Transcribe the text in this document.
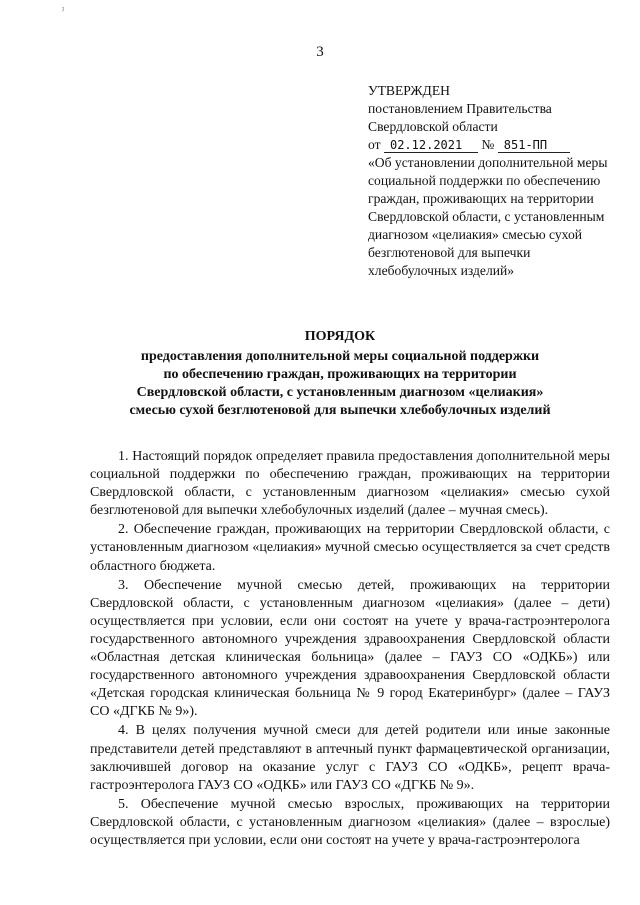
ˀ
3
УТВЕРЖДЕН
постановлением Правительства
Свердловской области
от 02.12.2021 № 851-ПП
«Об установлении дополнительной меры социальной поддержки по обеспечению граждан, проживающих на территории Свердловской области, с установленным диагнозом «целиакия» смесью сухой безглютеновой для выпечки хлебобулочных изделий»
ПОРЯДОК
предоставления дополнительной меры социальной поддержки
по обеспечению граждан, проживающих на территории
Свердловской области, с установленным диагнозом «целиакия»
смесью сухой безглютеновой для выпечки хлебобулочных изделий

1. Настоящий порядок определяет правила предоставления дополнительной меры социальной поддержки по обеспечению граждан, проживающих на территории Свердловской области, с установленным диагнозом «целиакия» смесью сухой безглютеновой для выпечки хлебобулочных изделий (далее – мучная смесь).

2. Обеспечение граждан, проживающих на территории Свердловской области, с установленным диагнозом «целиакия» мучной смесью осуществляется за счет средств областного бюджета.

3. Обеспечение мучной смесью детей, проживающих на территории Свердловской области, с установленным диагнозом «целиакия» (далее – дети) осуществляется при условии, если они состоят на учете у врача-гастроэнтеролога государственного автономного учреждения здравоохранения Свердловской области «Областная детская клиническая больница» (далее – ГАУЗ СО «ОДКБ») или государственного автономного учреждения здравоохранения Свердловской области «Детская городская клиническая больница № 9 город Екатеринбург» (далее – ГАУЗ СО «ДГКБ № 9»).

4. В целях получения мучной смеси для детей родители или иные законные представители детей представляют в аптечный пункт фармацевтической организации, заключившей договор на оказание услуг с ГАУЗ СО «ОДКБ», рецепт врача-гастроэнтеролога ГАУЗ СО «ОДКБ» или ГАУЗ СО «ДГКБ № 9».

5. Обеспечение мучной смесью взрослых, проживающих на территории Свердловской области, с установленным диагнозом «целиакия» (далее – взрослые) осуществляется при условии, если они состоят на учете у врача-гастроэнтеролога
